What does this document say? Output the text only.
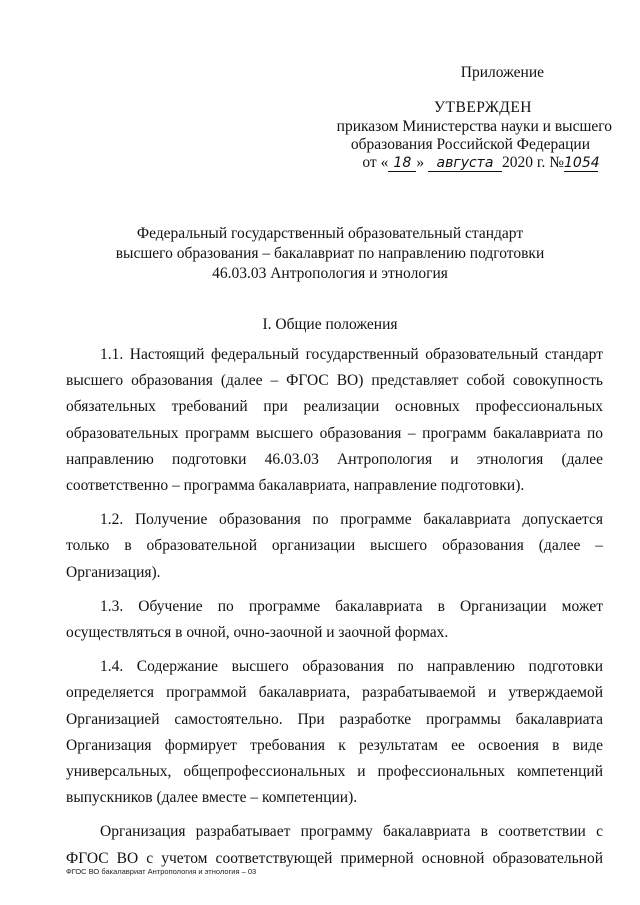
Приложение
УТВЕРЖДЕН
приказом Министерства науки и высшего
образования Российской Федерации
от « 18 » августа 2020 г. №1054
Федеральный государственный образовательный стандарт
высшего образования – бакалавриат по направлению подготовки
46.03.03 Антропология и этнология
I. Общие положения

1.1. Настоящий федеральный государственный образовательный стандарт высшего образования (далее – ФГОС ВО) представляет собой совокупность обязательных требований при реализации основных профессиональных образовательных программ высшего образования – программ бакалавриата по направлению подготовки 46.03.03 Антропология и этнология (далее соответственно – программа бакалавриата, направление подготовки).

1.2. Получение образования по программе бакалавриата допускается только в образовательной организации высшего образования (далее – Организация).

1.3. Обучение по программе бакалавриата в Организации может осуществляться в очной, очно-заочной и заочной формах.

1.4. Содержание высшего образования по направлению подготовки определяется программой бакалавриата, разрабатываемой и утверждаемой Организацией самостоятельно. При разработке программы бакалавриата Организация формирует требования к результатам ее освоения в виде универсальных, общепрофессиональных и профессиональных компетенций выпускников (далее вместе – компетенции).

Организация разрабатывает программу бакалавриата в соответствии с ФГОС ВО с учетом соответствующей примерной основной образовательной

ФГОС ВО бакалавриат Антропология и этнология – 03
